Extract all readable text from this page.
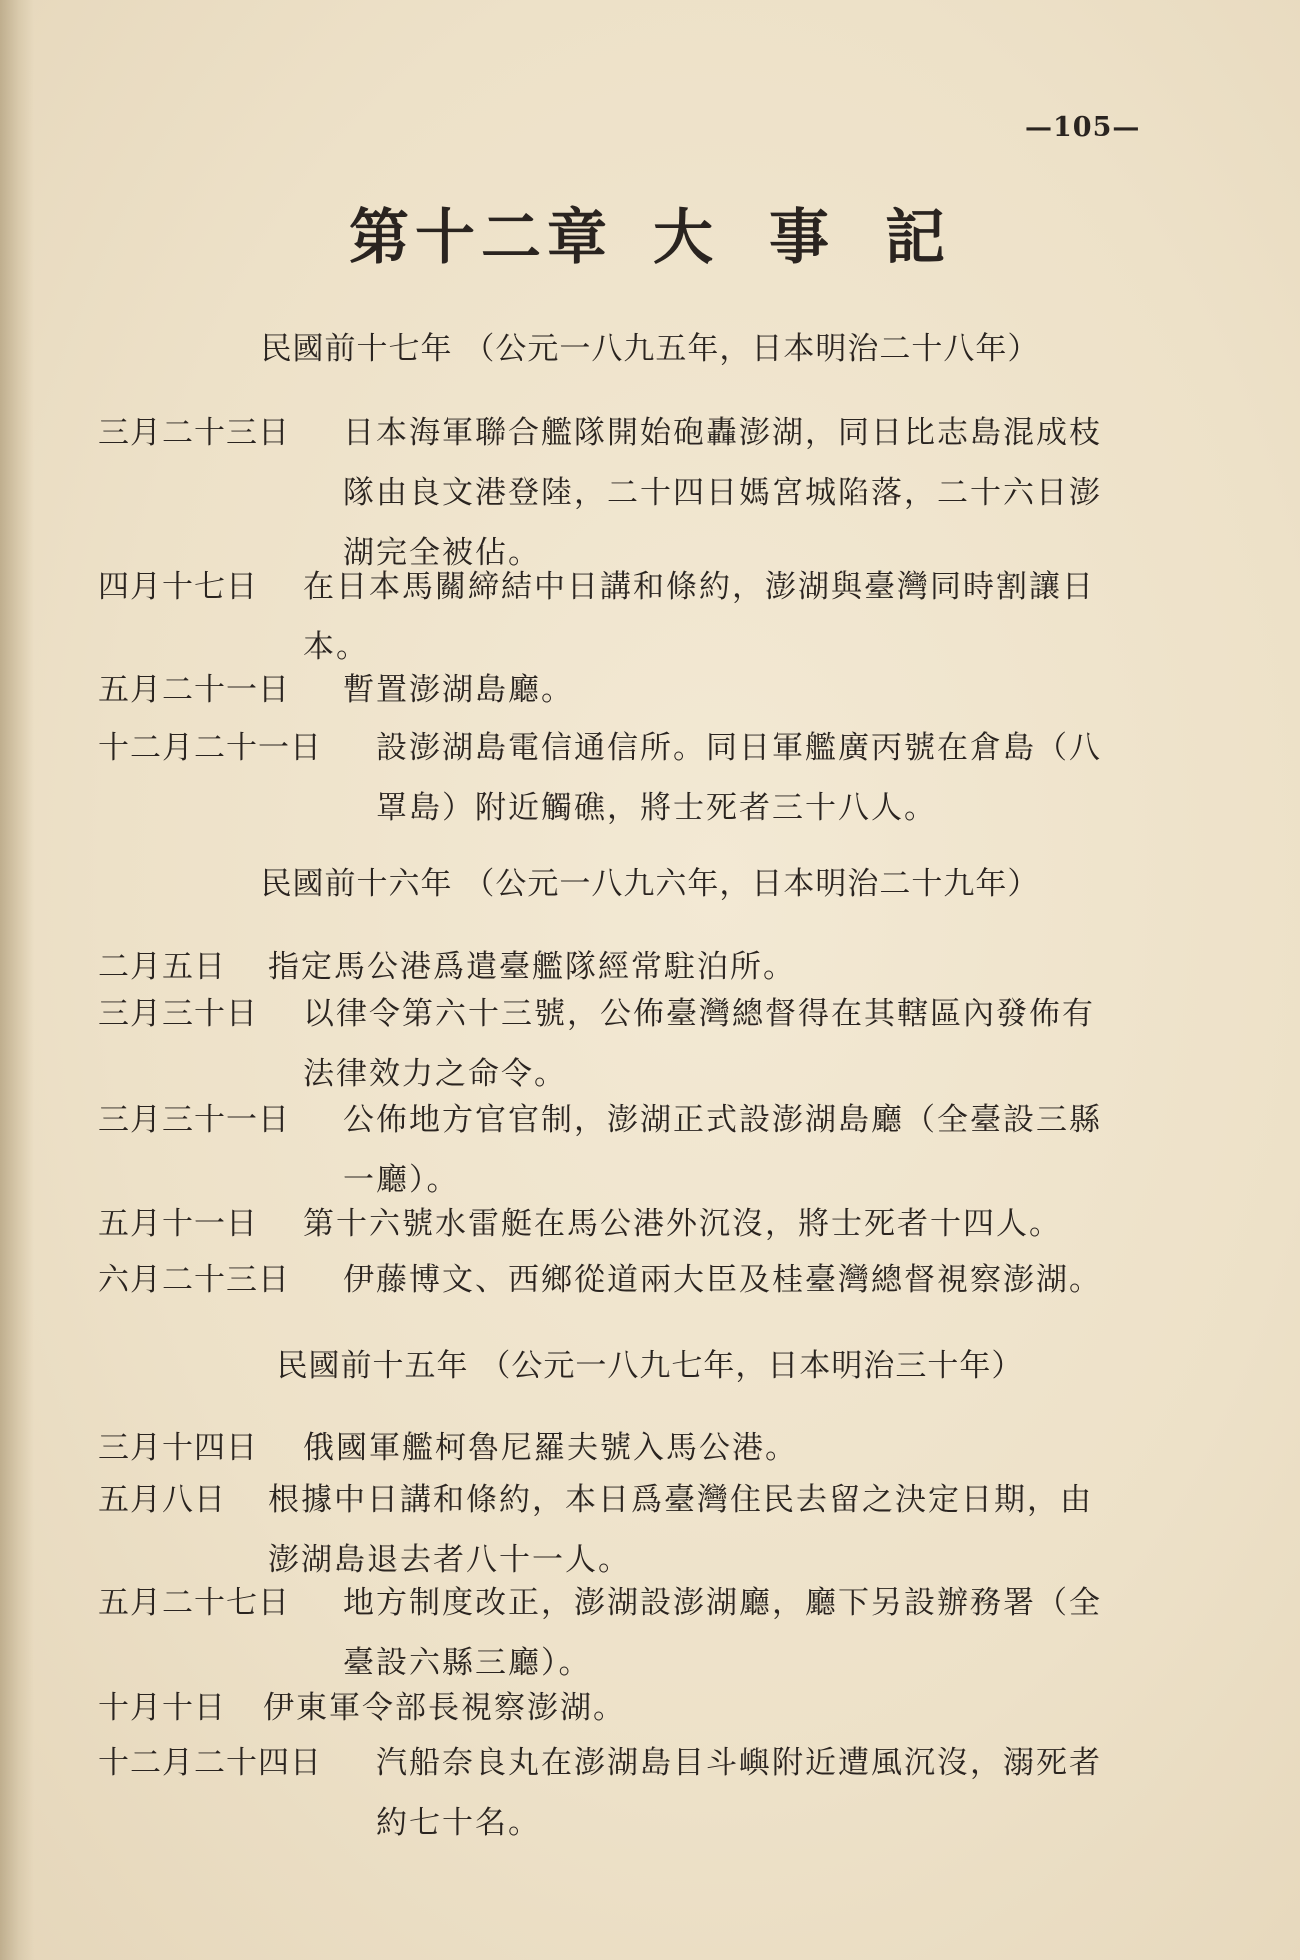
—105—
第十二章 大 事 記
民國前十七年 （公元一八九五年，日本明治二十八年）
三月二十三日 日本海軍聯合艦隊開始砲轟澎湖，同日比志島混成枝
隊由良文港登陸，二十四日媽宮城陷落，二十六日澎
湖完全被佔。
四月十七日 在日本馬關締結中日講和條約，澎湖與臺灣同時割讓日
本。
五月二十一日 暫置澎湖島廳。
十二月二十一日 設澎湖島電信通信所。同日軍艦廣丙號在倉島（八
罩島）附近觸礁，將士死者三十八人。
民國前十六年 （公元一八九六年，日本明治二十九年）
二月五日 指定馬公港爲遣臺艦隊經常駐泊所。
三月三十日 以律令第六十三號，公佈臺灣總督得在其轄區內發佈有
法律效力之命令。
三月三十一日 公佈地方官官制，澎湖正式設澎湖島廳（全臺設三縣
一廳）。
五月十一日 第十六號水雷艇在馬公港外沉沒，將士死者十四人。
六月二十三日 伊藤博文、西鄉從道兩大臣及桂臺灣總督視察澎湖。
民國前十五年 （公元一八九七年，日本明治三十年）
三月十四日 俄國軍艦柯魯尼羅夫號入馬公港。
五月八日 根據中日講和條約，本日爲臺灣住民去留之決定日期，由
澎湖島退去者八十一人。
五月二十七日 地方制度改正，澎湖設澎湖廳，廳下另設辦務署（全
臺設六縣三廳）。
十月十日 伊東軍令部長視察澎湖。
十二月二十四日 汽船奈良丸在澎湖島目斗嶼附近遭風沉沒，溺死者
約七十名。
